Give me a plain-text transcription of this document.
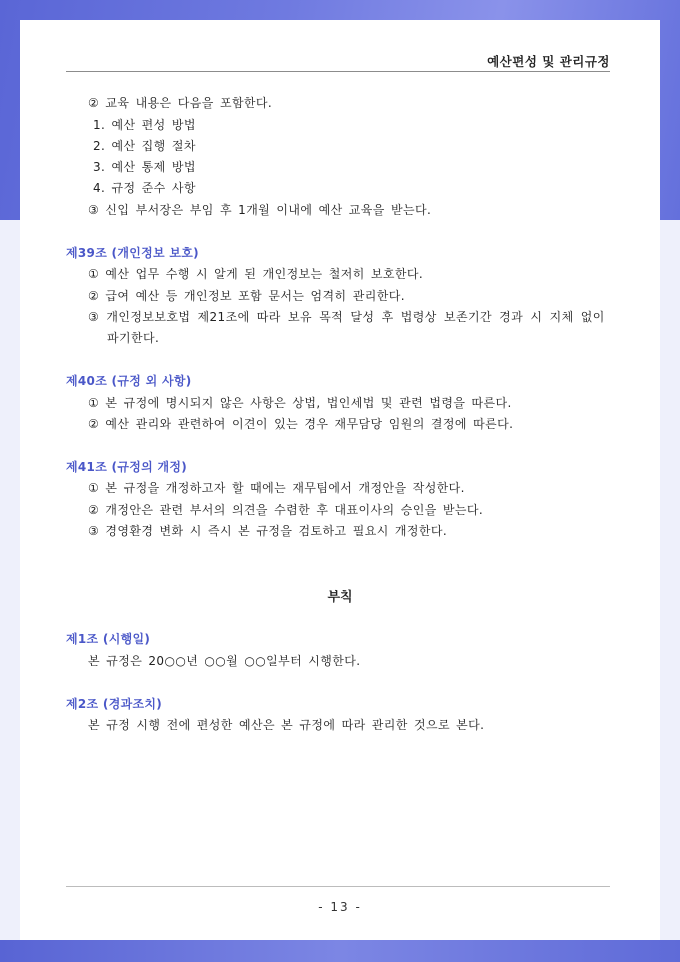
예산편성 및 관리규정
② 교육 내용은 다음을 포함한다.
1. 예산 편성 방법
2. 예산 집행 절차
3. 예산 통제 방법
4. 규정 준수 사항
③ 신입 부서장은 부임 후 1개월 이내에 예산 교육을 받는다.
제39조 (개인정보 보호)
① 예산 업무 수행 시 알게 된 개인정보는 철저히 보호한다.
② 급여 예산 등 개인정보 포함 문서는 엄격히 관리한다.
③ 개인정보보호법 제21조에 따라 보유 목적 달성 후 법령상 보존기간 경과 시 지체 없이
파기한다.
제40조 (규정 외 사항)
① 본 규정에 명시되지 않은 사항은 상법, 법인세법 및 관련 법령을 따른다.
② 예산 관리와 관련하여 이견이 있는 경우 재무담당 임원의 결정에 따른다.
제41조 (규정의 개정)
① 본 규정을 개정하고자 할 때에는 재무팀에서 개정안을 작성한다.
② 개정안은 관련 부서의 의견을 수렴한 후 대표이사의 승인을 받는다.
③ 경영환경 변화 시 즉시 본 규정을 검토하고 필요시 개정한다.
부칙
제1조 (시행일)
본 규정은 20○○년 ○○월 ○○일부터 시행한다.
제2조 (경과조치)
본 규정 시행 전에 편성한 예산은 본 규정에 따라 관리한 것으로 본다.
- 13 -
